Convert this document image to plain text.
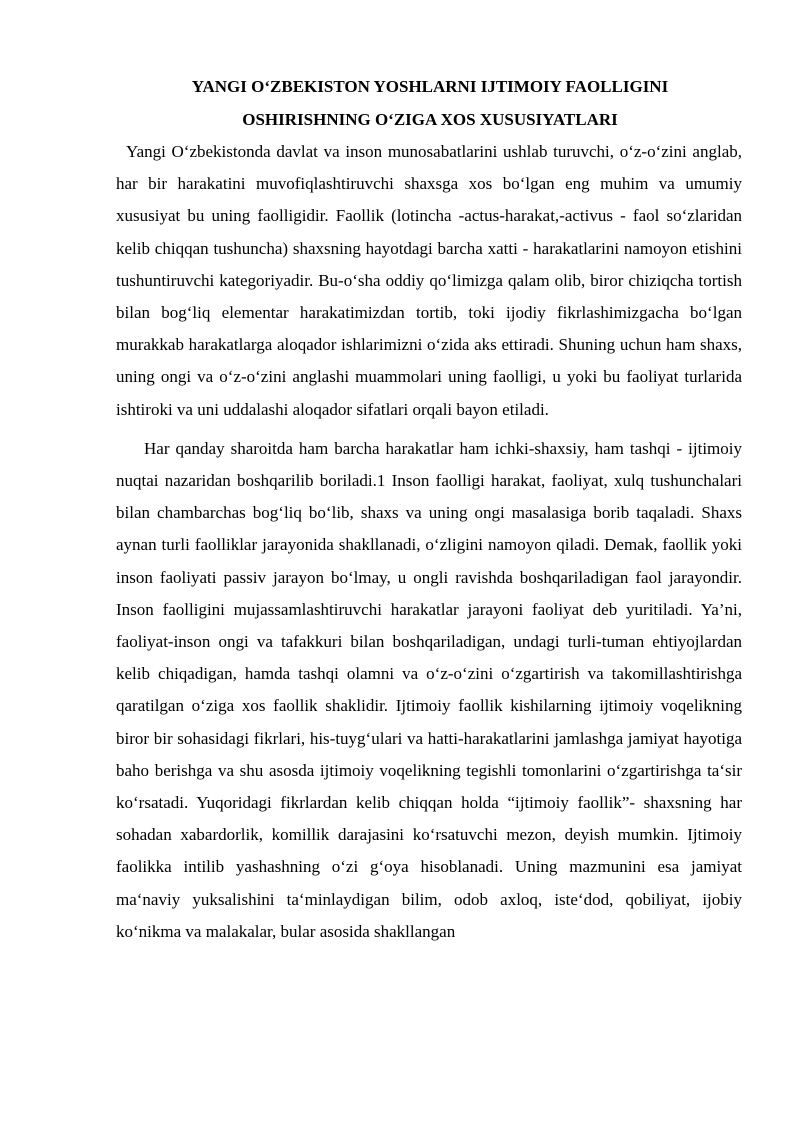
YANGI O‘ZBEKISTON YOSHLARNI IJTIMOIY FAOLLIGINI
OSHIRISHNING O‘ZIGA XOS XUSUSIYATLARI

Yangi O‘zbekistonda davlat va inson munosabatlarini ushlab turuvchi, o‘z-o‘zini anglab, har bir harakatini muvofiqlashtiruvchi shaxsga xos bo‘lgan eng muhim va umumiy xususiyat bu uning faolligidir. Faollik (lotincha -actus-harakat,-activus - faol so‘zlaridan kelib chiqqan tushuncha) shaxsning hayotdagi barcha xatti - harakatlarini namoyon etishini tushuntiruvchi kategoriyadir. Bu-o‘sha oddiy qo‘limizga qalam olib, biror chiziqcha tortish bilan bog‘liq elementar harakatimizdan tortib, toki ijodiy fikrlashimizgacha bo‘lgan murakkab harakatlarga aloqador ishlarimizni o‘zida aks ettiradi. Shuning uchun ham shaxs, uning ongi va o‘z-o‘zini anglashi muammolari uning faolligi, u yoki bu faoliyat turlarida ishtiroki va uni uddalashi aloqador sifatlari orqali bayon etiladi.

Har qanday sharoitda ham barcha harakatlar ham ichki-shaxsiy, ham tashqi - ijtimoiy nuqtai nazaridan boshqarilib boriladi.1 Inson faolligi harakat, faoliyat, xulq tushunchalari bilan chambarchas bog‘liq bo‘lib, shaxs va uning ongi masalasiga borib taqaladi. Shaxs aynan turli faolliklar jarayonida shakllanadi, o‘zligini namoyon qiladi. Demak, faollik yoki inson faoliyati passiv jarayon bo‘lmay, u ongli ravishda boshqariladigan faol jarayondir. Inson faolligini mujassamlashtiruvchi harakatlar jarayoni faoliyat deb yuritiladi. Ya’ni, faoliyat-inson ongi va tafakkuri bilan boshqariladigan, undagi turli-tuman ehtiyojlardan kelib chiqadigan, hamda tashqi olamni va o‘z-o‘zini o‘zgartirish va takomillashtirishga qaratilgan o‘ziga xos faollik shaklidir. Ijtimoiy faollik kishilarning ijtimoiy voqelikning biror bir sohasidagi fikrlari, his-tuyg‘ulari va hatti-harakatlarini jamlashga jamiyat hayotiga baho berishga va shu asosda ijtimoiy voqelikning tegishli tomonlarini o‘zgartirishga ta‘sir ko‘rsatadi. Yuqoridagi fikrlardan kelib chiqqan holda “ijtimoiy faollik”- shaxsning har sohadan xabardorlik, komillik darajasini ko‘rsatuvchi mezon, deyish mumkin. Ijtimoiy faolikka intilib yashashning o‘zi g‘oya hisoblanadi. Uning mazmunini esa jamiyat ma‘naviy yuksalishini ta‘minlaydigan bilim, odob axloq, iste‘dod, qobiliyat, ijobiy ko‘nikma va malakalar, bular asosida shakllangan
